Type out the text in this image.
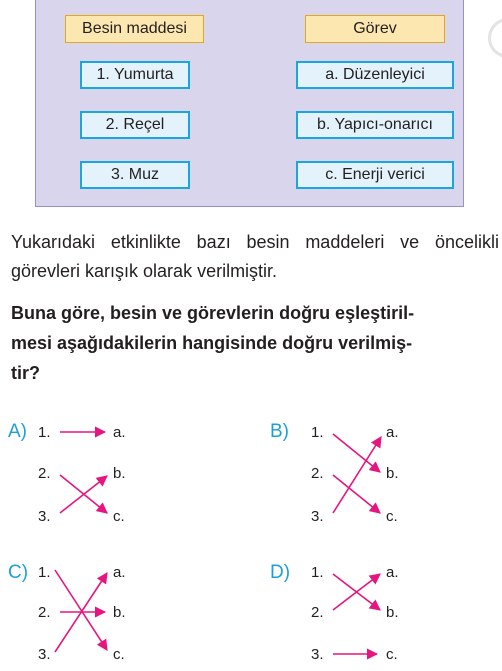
Besin maddesi	Görev
1. Yumurta
2. Reçel
3. Muz
a. Düzenleyici
b. Yapıcı-onarıcı
c. Enerji verici

Yukarıdaki etkinlikte bazı besin maddeleri ve öncelikli görevleri karışık olarak verilmiştir.

Buna göre, besin ve görevlerin doğru eşleştiril-
mesi aşağıdakilerin hangisinde doğru verilmiş-
tir?
A) 1.
2.
3.
a.
b.
c.
B) 1.
2.
3.
a.
b.
c.
C) 1.
2.
3.
a.
b.
c.
D) 1.
2.
3.
a.
b.
c.
